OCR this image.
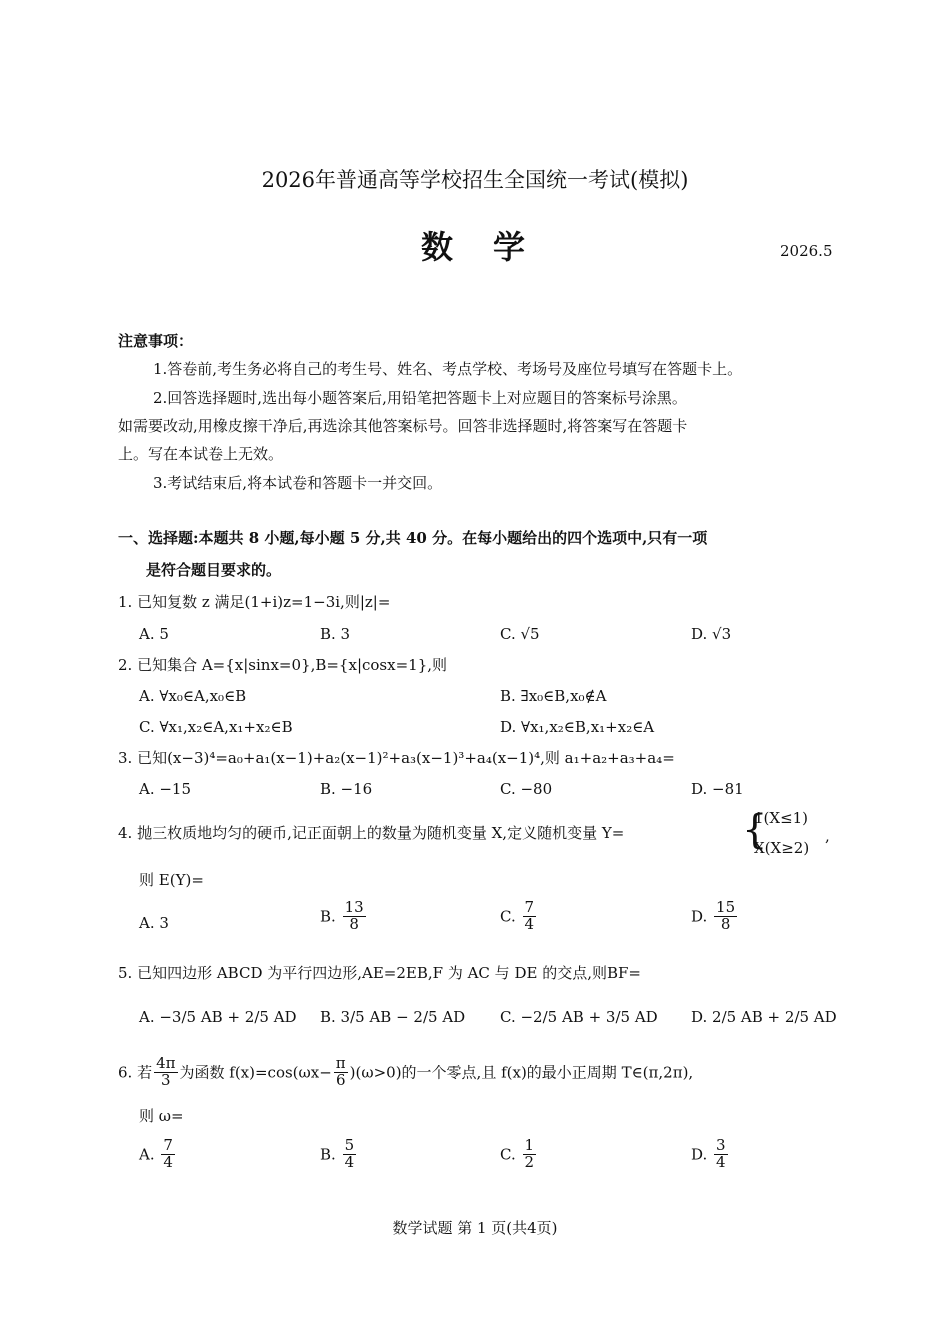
2026年普通高等学校招生全国统一考试(模拟)
数　学	2026.5
注意事项：
1.答卷前,考生务必将自己的考生号、姓名、考点学校、考场号及座位号填写在答题卡上。
2.回答选择题时,选出每小题答案后,用铅笔把答题卡上对应题目的答案标号涂黑。
如需要改动,用橡皮擦干净后,再选涂其他答案标号。回答非选择题时,将答案写在答题卡
上。写在本试卷上无效。
3.考试结束后,将本试卷和答题卡一并交回。
一、选择题:本题共 8 小题,每小题 5 分,共 40 分。在每小题给出的四个选项中,只有一项
是符合题目要求的。
1. 已知复数 z 满足(1+i)z=1−3i,则|z|=
A. 5	B. 3	C. √5	D. √3
2. 已知集合 A={x|sinx=0},B={x|cosx=1},则
A. ∀x₀∈A,x₀∈B	B. ∃x₀∈B,x₀∉A
C. ∀x₁,x₂∈A,x₁+x₂∈B	D. ∀x₁,x₂∈B,x₁+x₂∈A
3. 已知(x−3)⁴=a₀+a₁(x−1)+a₂(x−1)²+a₃(x−1)³+a₄(x−1)⁴,则 a₁+a₂+a₃+a₄=
A. −15	B. −16	C. −80	D. −81
4. 抛三枚质地均匀的硬币,记正面朝上的数量为随机变量 X,定义随机变量 Y=	{
1(X≤1)
X(X≥2)
,
则 E(Y)=
A. 3	B. $\frac{13}{8}$	C. $\frac{7}{4}$	D. $\frac{15}{8}$
5. 已知四边形 ABCD 为平行四边形,AE=2EB,F 为 AC 与 DE 的交点,则BF=
A. −3/5 AB + 2/5 AD B. 3/5 AB − 2/5 AD C. −2/5 AB + 3/5 AD D. 2/5 AB + 2/5 AD
6. 若 $\frac{4\pi}{3}$ 为函数 $f(x)=\cos(\omega x- \frac{\pi}{6} )(\omega>0)$的一个零点,且 f(x)的最小正周期 T∈(π,2π),
则 ω=
A. $\frac{7}{4}$	B. $\frac{5}{4}$	C. $\frac{1}{2}$	D. $\frac{3}{4}$
数学试题 第 1 页(共4页)
